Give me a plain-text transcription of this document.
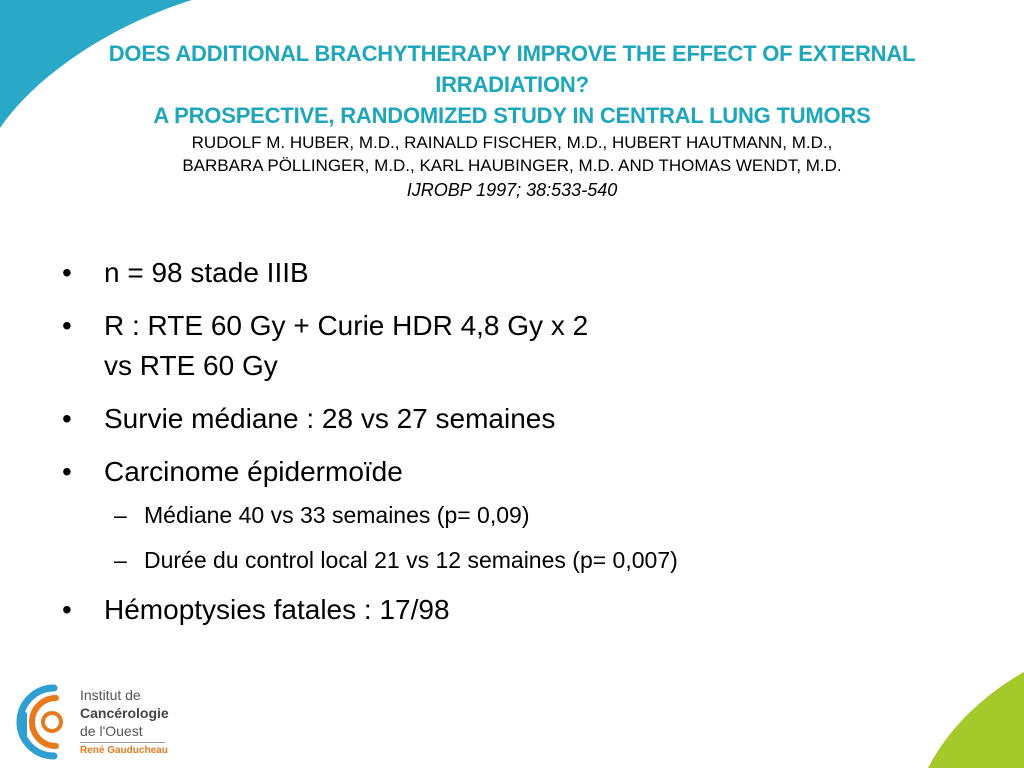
DOES ADDITIONAL BRACHYTHERAPY IMPROVE THE EFFECT OF EXTERNAL
IRRADIATION?
A PROSPECTIVE, RANDOMIZED STUDY IN CENTRAL LUNG TUMORS
RUDOLF M. HUBER, M.D., RAINALD FISCHER, M.D., HUBERT HAUTMANN, M.D.,
BARBARA PÖLLINGER, M.D., KARL HAUBINGER, M.D. AND THOMAS WENDT, M.D.
IJROBP 1997; 38:533-540
•	n = 98 stade IIIB
•	R : RTE 60 Gy + Curie HDR 4,8 Gy x 2
vs RTE 60 Gy
•	Survie médiane : 28 vs 27 semaines
•	Carcinome épidermoïde
– Médiane 40 vs 33 semaines (p= 0,09)
– Durée du control local 21 vs 12 semaines (p= 0,007)
•	Hémoptysies fatales : 17/98
Institut de
Cancérologie
de l'Ouest
René Gauducheau
